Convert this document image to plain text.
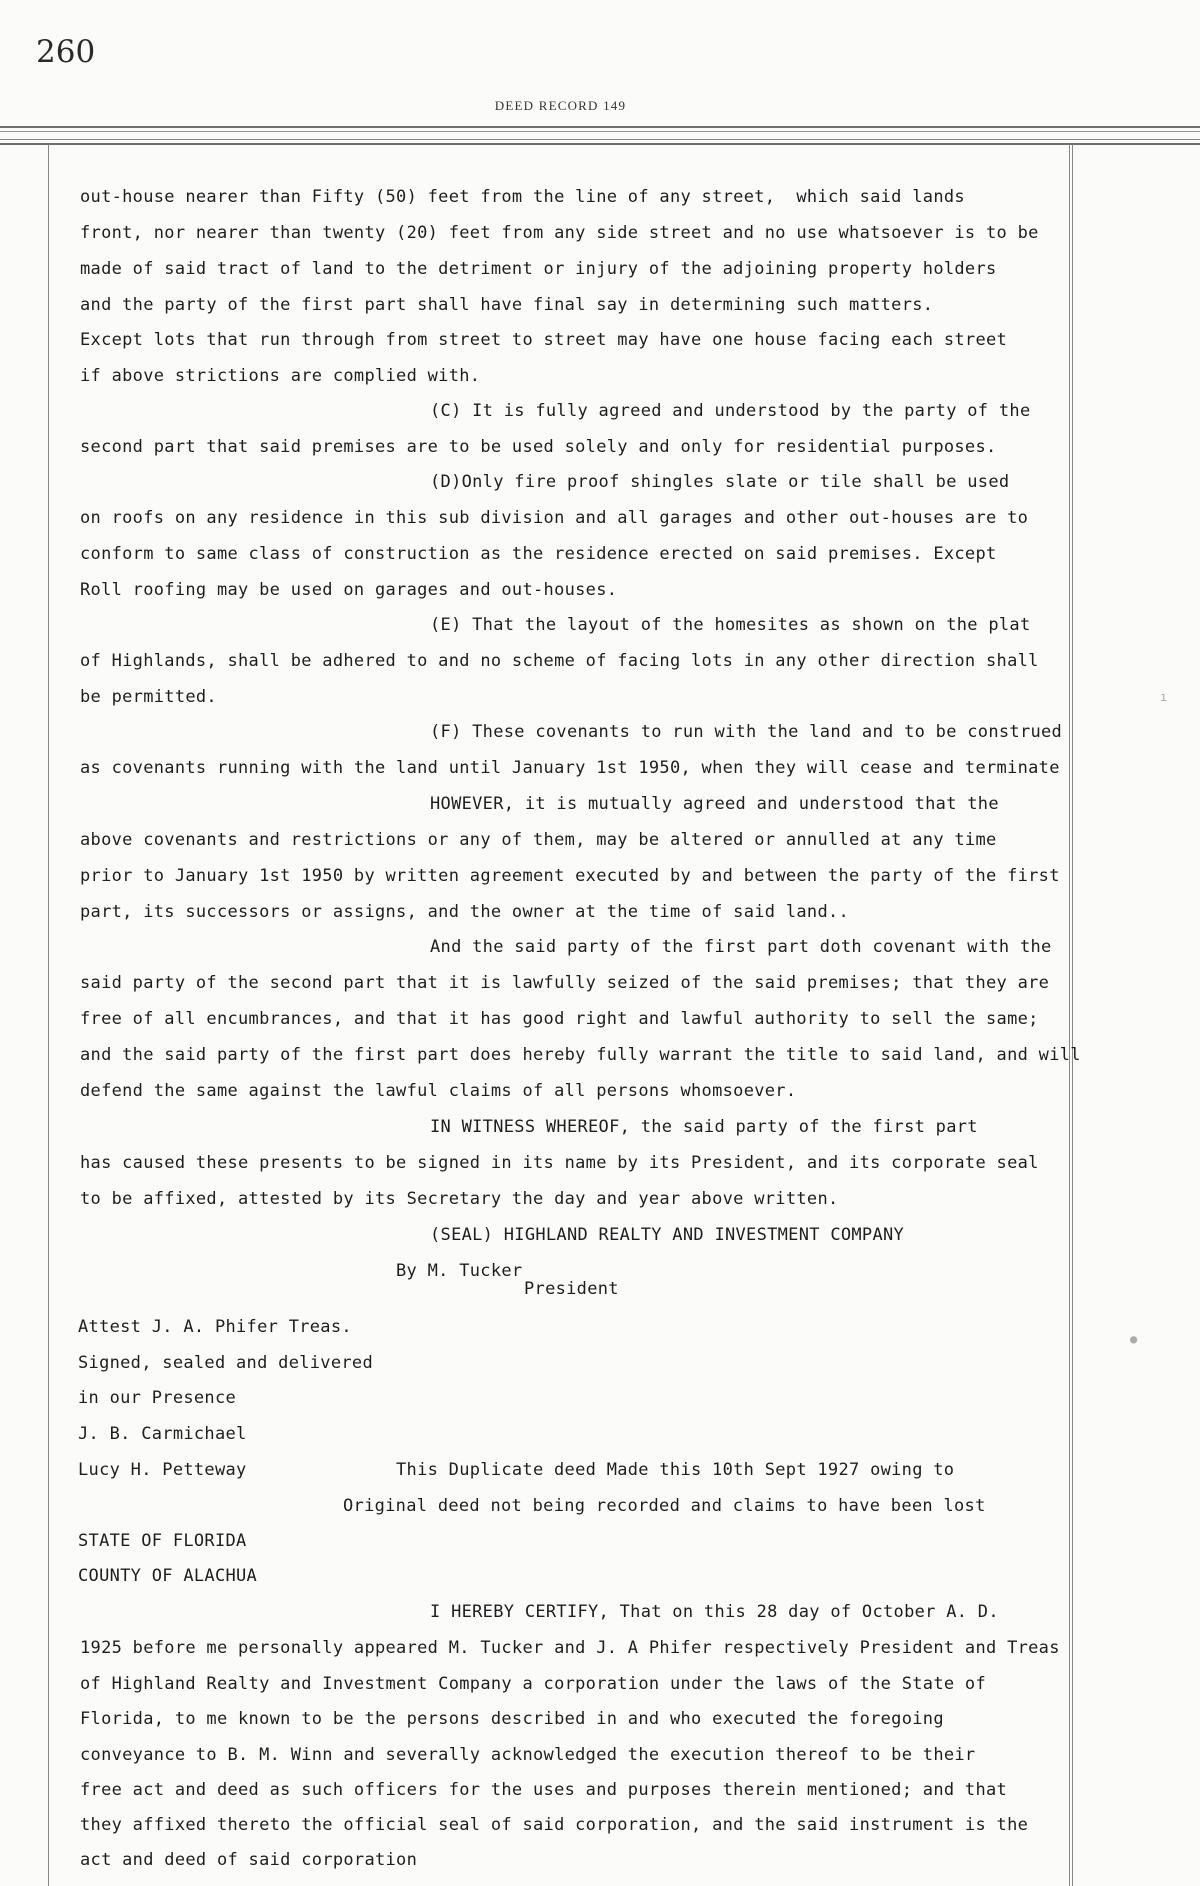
260
DEED RECORD 149
ı
●
out-house nearer than Fifty (50) feet from the line of any street,  which said lands
front, nor nearer than twenty (20) feet from any side street and no use whatsoever is to be
made of said tract of land to the detriment or injury of the adjoining property holders
and the party of the first part shall have final say in determining such matters.
Except lots that run through from street to street may have one house facing each street
if above strictions are complied with.
(C) It is fully agreed and understood by the party of the
second part that said premises are to be used solely and only for residential purposes.
(D)Only fire proof shingles slate or tile shall be used
on roofs on any residence in this sub division and all garages and other out-houses are to
conform to same class of construction as the residence erected on said premises. Except
Roll roofing may be used on garages and out-houses.
(E) That the layout of the homesites as shown on the plat
of Highlands, shall be adhered to and no scheme of facing lots in any other direction shall
be permitted.
(F) These covenants to run with the land and to be construed
as covenants running with the land until January 1st 1950, when they will cease and terminate
HOWEVER, it is mutually agreed and understood that the
above covenants and restrictions or any of them, may be altered or annulled at any time
prior to January 1st 1950 by written agreement executed by and between the party of the first
part, its successors or assigns, and the owner at the time of said land..
And the said party of the first part doth covenant with the
said party of the second part that it is lawfully seized of the said premises; that they are
free of all encumbrances, and that it has good right and lawful authority to sell the same;
and the said party of the first part does hereby fully warrant the title to said land, and will
defend the same against the lawful claims of all persons whomsoever.
IN WITNESS WHEREOF, the said party of the first part
has caused these presents to be signed in its name by its President, and its corporate seal
to be affixed, attested by its Secretary the day and year above written.
(SEAL) HIGHLAND REALTY AND INVESTMENT COMPANY
By M. Tucker
President
Attest J. A. Phifer Treas.
Signed, sealed and delivered
in our Presence
J. B. Carmichael
Lucy H. Petteway	This Duplicate deed Made this 10th Sept 1927 owing to
Original deed not being recorded and claims to have been lost
STATE OF FLORIDA
COUNTY OF ALACHUA
I HEREBY CERTIFY, That on this 28 day of October A. D.
1925 before me personally appeared M. Tucker and J. A Phifer respectively President and Treas
of Highland Realty and Investment Company a corporation under the laws of the State of
Florida, to me known to be the persons described in and who executed the foregoing
conveyance to B. M. Winn and severally acknowledged the execution thereof to be their
free act and deed as such officers for the uses and purposes therein mentioned; and that
they affixed thereto the official seal of said corporation, and the said instrument is the
act and deed of said corporation
